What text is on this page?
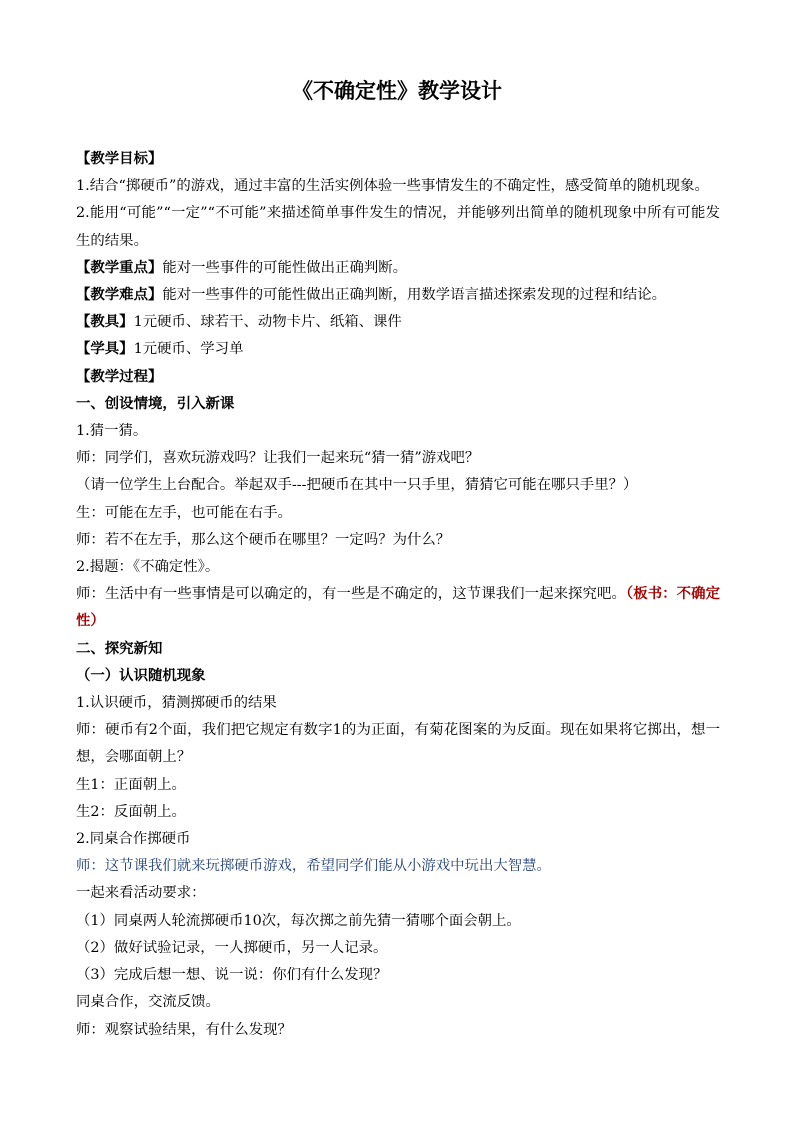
《不确定性》教学设计

【教学目标】

1.结合“掷硬币”的游戏，通过丰富的生活实例体验一些事情发生的不确定性，感受简单的随机现象。

2.能用“可能”“一定”“不可能”来描述简单事件发生的情况，并能够列出简单的随机现象中所有可能发生的结果。

【教学重点】能对一些事件的可能性做出正确判断。

【教学难点】能对一些事件的可能性做出正确判断，用数学语言描述探索发现的过程和结论。

【教具】1元硬币、球若干、动物卡片、纸箱、课件

【学具】1元硬币、学习单

【教学过程】

一、创设情境，引入新课

1.猜一猜。

师：同学们，喜欢玩游戏吗？让我们一起来玩“猜一猜”游戏吧？

（请一位学生上台配合。举起双手---把硬币在其中一只手里，猜猜它可能在哪只手里？）

生：可能在左手，也可能在右手。

师：若不在左手，那么这个硬币在哪里？一定吗？为什么？

2.揭题：《不确定性》。

师：生活中有一些事情是可以确定的，有一些是不确定的，这节课我们一起来探究吧。（板书：不确定性）

二、探究新知

（一）认识随机现象

1.认识硬币，猜测掷硬币的结果

师：硬币有2个面，我们把它规定有数字1的为正面，有菊花图案的为反面。现在如果将它掷出，想一想，会哪面朝上？

生1：正面朝上。

生2：反面朝上。

2.同桌合作掷硬币

师：这节课我们就来玩掷硬币游戏，希望同学们能从小游戏中玩出大智慧。

一起来看活动要求：

（1）同桌两人轮流掷硬币10次，每次掷之前先猜一猜哪个面会朝上。

（2）做好试验记录，一人掷硬币，另一人记录。

（3）完成后想一想、说一说：你们有什么发现？

同桌合作，交流反馈。

师：观察试验结果，有什么发现？
